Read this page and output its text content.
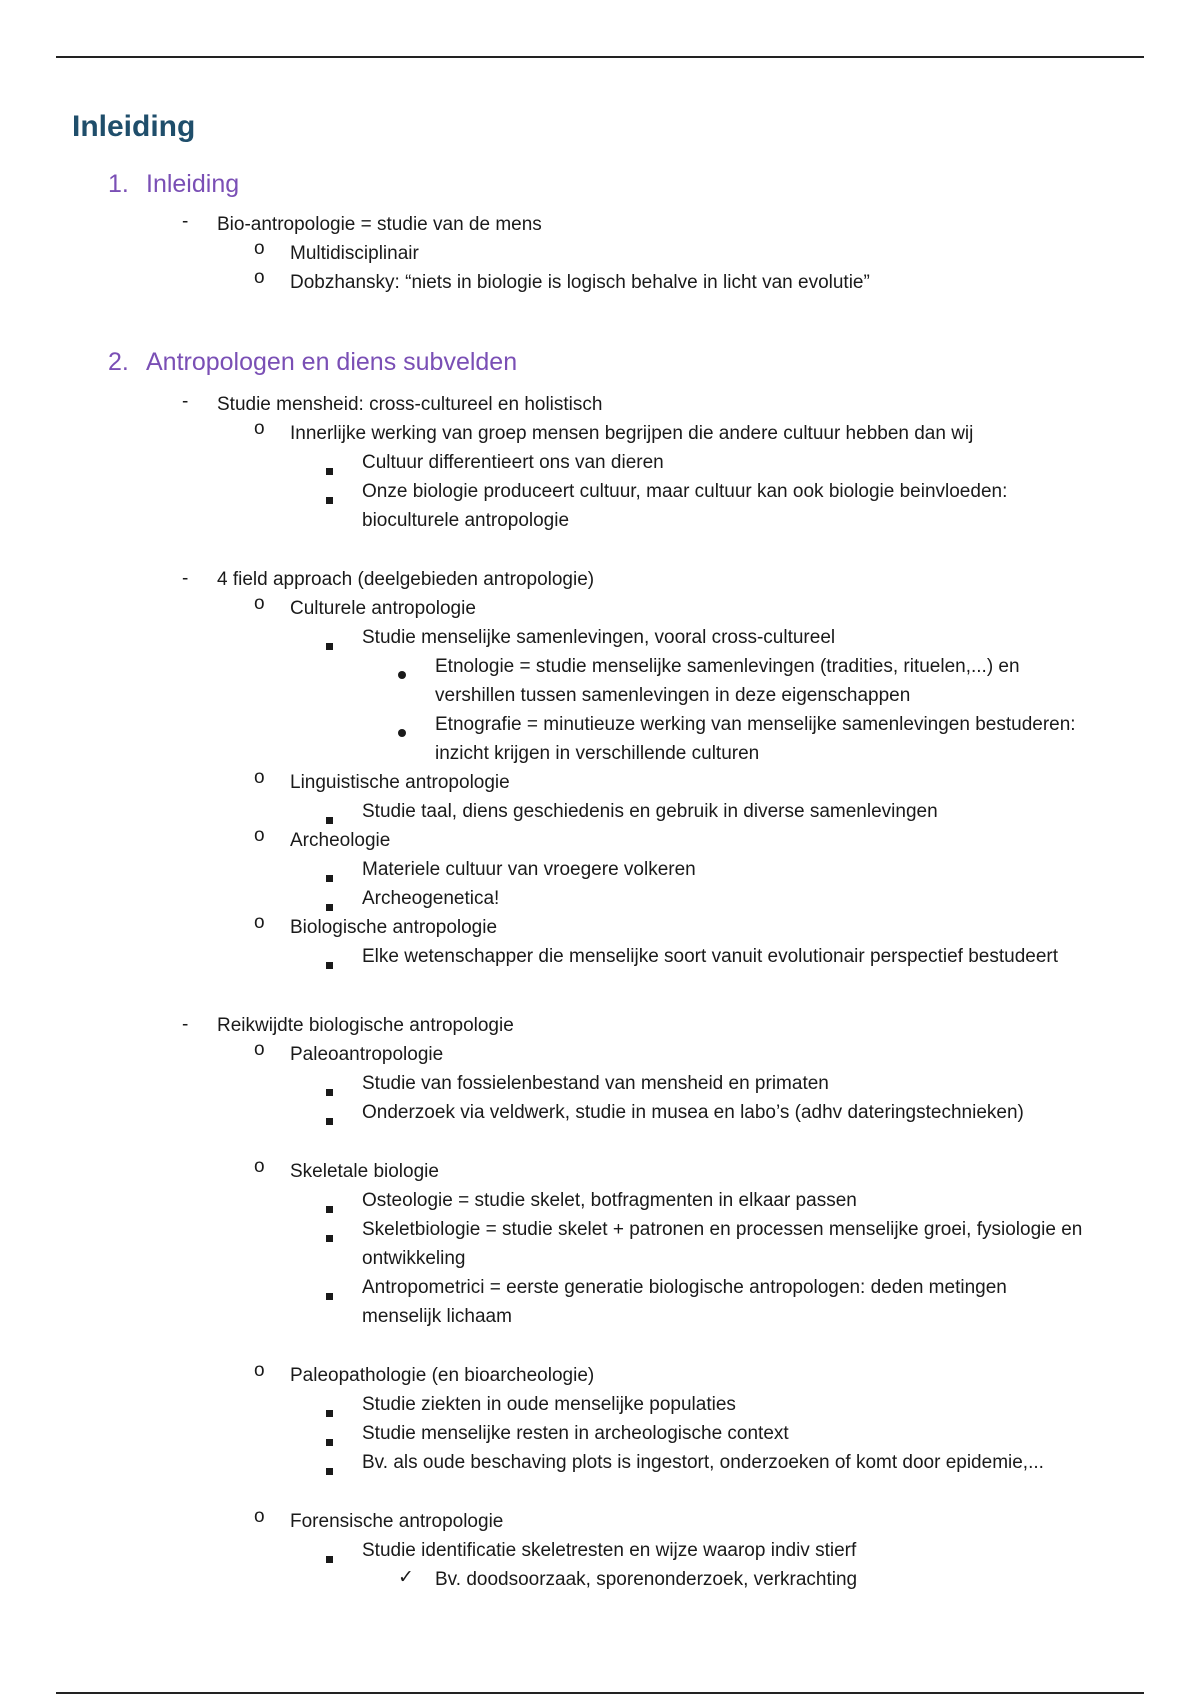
Inleiding
1. Inleiding
- Bio-antropologie = studie van de mens
o Multidisciplinair
o Dobzhansky: “niets in biologie is logisch behalve in licht van evolutie”
2. Antropologen en diens subvelden
- Studie mensheid: cross-cultureel en holistisch
o Innerlijke werking van groep mensen begrijpen die andere cultuur hebben dan wij
Cultuur differentieert ons van dieren
Onze biologie produceert cultuur, maar cultuur kan ook biologie beinvloeden:
bioculturele antropologie
- 4 field approach (deelgebieden antropologie)
o Culturele antropologie
Studie menselijke samenlevingen, vooral cross-cultureel
Etnologie = studie menselijke samenlevingen (tradities, rituelen,...) en
vershillen tussen samenlevingen in deze eigenschappen
Etnografie = minutieuze werking van menselijke samenlevingen bestuderen:
inzicht krijgen in verschillende culturen
o Linguistische antropologie
Studie taal, diens geschiedenis en gebruik in diverse samenlevingen
o Archeologie
Materiele cultuur van vroegere volkeren
Archeogenetica!
o Biologische antropologie
Elke wetenschapper die menselijke soort vanuit evolutionair perspectief bestudeert
- Reikwijdte biologische antropologie
o Paleoantropologie
Studie van fossielenbestand van mensheid en primaten
Onderzoek via veldwerk, studie in musea en labo’s (adhv dateringstechnieken)
o Skeletale biologie
Osteologie = studie skelet, botfragmenten in elkaar passen
Skeletbiologie = studie skelet + patronen en processen menselijke groei, fysiologie en
ontwikkeling
Antropometrici = eerste generatie biologische antropologen: deden metingen
menselijk lichaam
o Paleopathologie (en bioarcheologie)
Studie ziekten in oude menselijke populaties
Studie menselijke resten in archeologische context
Bv. als oude beschaving plots is ingestort, onderzoeken of komt door epidemie,...
o Forensische antropologie
Studie identificatie skeletresten en wijze waarop indiv stierf
✓ Bv. doodsoorzaak, sporenonderzoek, verkrachting
